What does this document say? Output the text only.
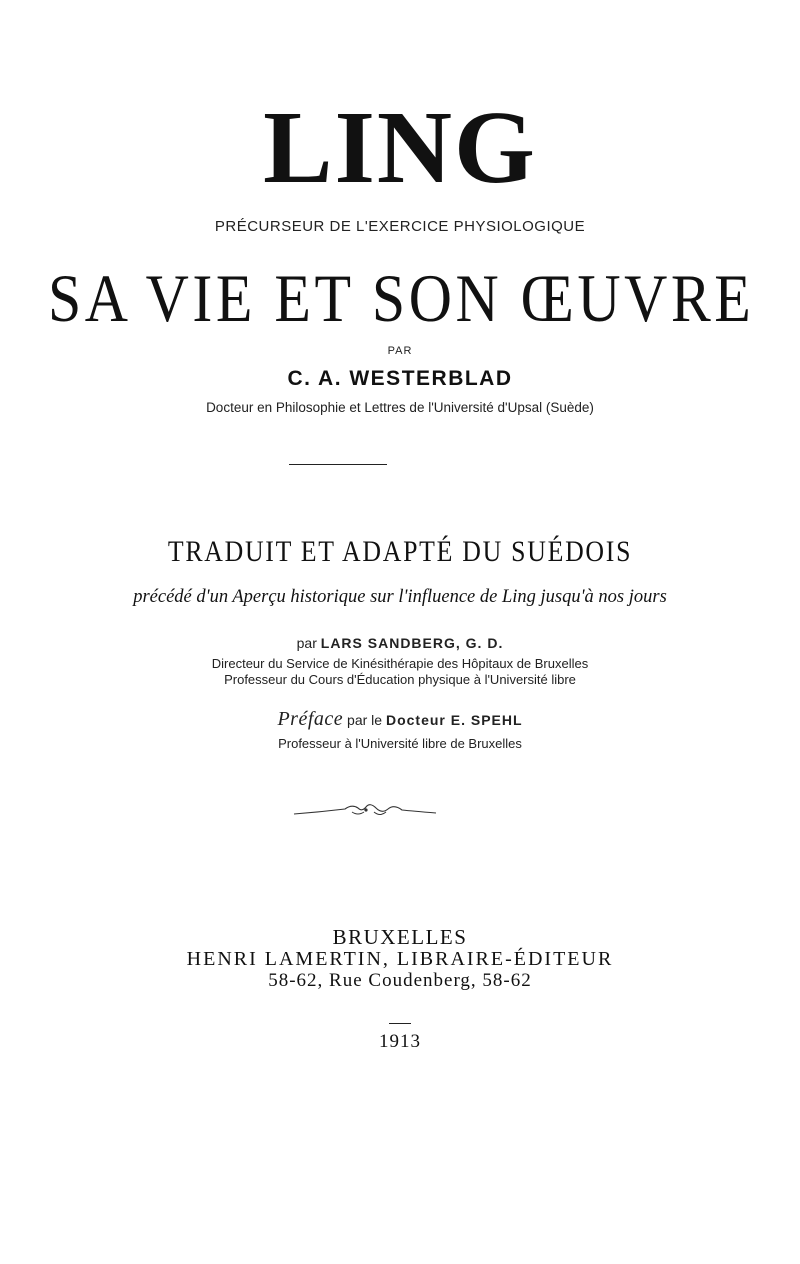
LING
PRÉCURSEUR DE L'EXERCICE PHYSIOLOGIQUE
SA VIE ET SON ŒUVRE
PAR
C. A. WESTERBLAD
Docteur en Philosophie et Lettres de l'Université d'Upsal (Suède)
TRADUIT ET ADAPTÉ DU SUÉDOIS
précédé d'un Aperçu historique sur l'influence de Ling jusqu'à nos jours
par LARS SANDBERG, G. D.
Directeur du Service de Kinésithérapie des Hôpitaux de Bruxelles
Professeur du Cours d'Éducation physique à l'Université libre
Préface par le Docteur E. SPEHL
Professeur à l'Université libre de Bruxelles
BRUXELLES
HENRI LAMERTIN, LIBRAIRE-ÉDITEUR
58-62, Rue Coudenberg, 58-62
1913
